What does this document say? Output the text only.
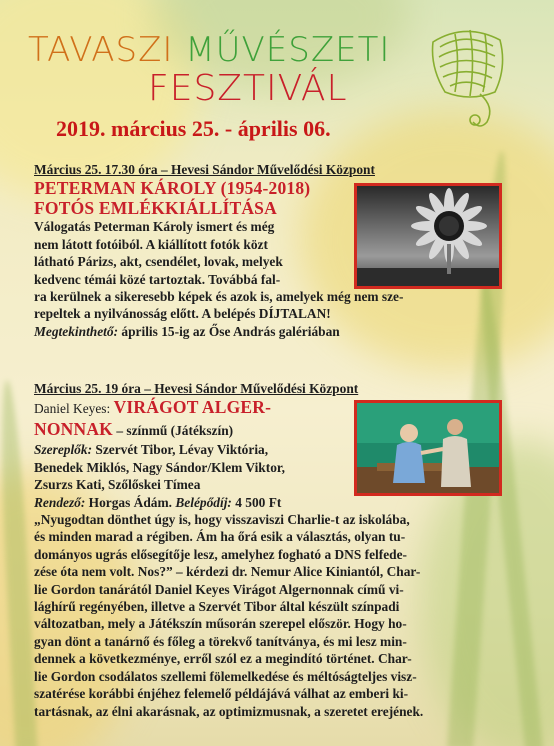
TAVASZI MŰVÉSZETI
FESZTIVÁL
2019. március 25. - április 06.
Március 25. 17.30 óra – Hevesi Sándor Művelődési Központ
PETERMAN KÁROLY (1954-2018)
FOTÓS EMLÉKKIÁLLÍTÁSA
Válogatás Peterman Károly ismert és még
nem látott fotóiból. A kiállított fotók közt
látható Párizs, akt, csendélet, lovak, melyek
kedvenc témái közé tartoztak. Továbbá fal-
ra kerülnek a sikeresebb képek és azok is, amelyek még nem sze-
repeltek a nyilvánosság előtt. A belépés DÍJTALAN!
Megtekinthető: április 15-ig az Őse András galériában
Március 25. 19 óra – Hevesi Sándor Művelődési Központ
Daniel Keyes: VIRÁGOT ALGER-
NONNAK – színmű (Játékszín)
Szereplők: Szervét Tibor, Lévay Viktória,
Benedek Miklós, Nagy Sándor/Klem Viktor,
Zsurzs Kati, Szőlőskei Tímea
Rendező: Horgas Ádám. Belépődíj: 4 500 Ft
„Nyugodtan dönthet úgy is, hogy visszaviszi Charlie-t az iskolába,
és minden marad a régiben. Ám ha őrá esik a választás, olyan tu-
dományos ugrás elősegítője lesz, amelyhez fogható a DNS felfede-
zése óta nem volt. Nos?” – kérdezi dr. Nemur Alice Kiniantól, Char-
lie Gordon tanárától Daniel Keyes Virágot Algernonnak című vi-
lághírű regényében, illetve a Szervét Tibor által készült színpadi
változatban, mely a Játékszín műsorán szerepel először. Hogy ho-
gyan dönt a tanárnő és főleg a törekvő tanítványa, és mi lesz min-
dennek a következménye, erről szól ez a megindító történet. Char-
lie Gordon csodálatos szellemi fölemelkedése és méltóságteljes visz-
szatérése korábbi énjéhez felemelő példájává válhat az emberi ki-
tartásnak, az élni akarásnak, az optimizmusnak, a szeretet erejének.
